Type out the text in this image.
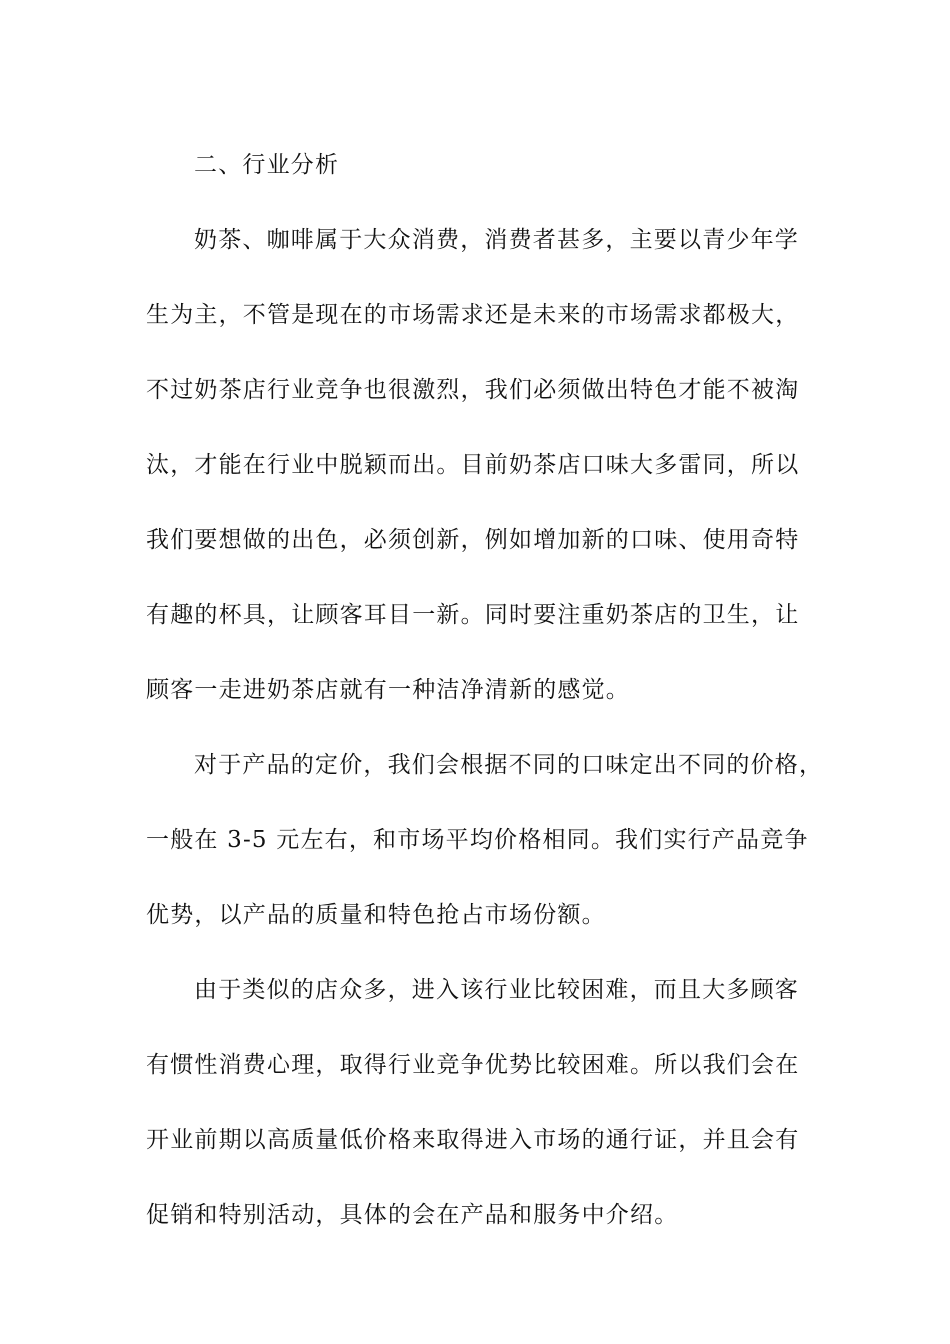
二、行业分析
奶茶、咖啡属于大众消费，消费者甚多，主要以青少年学
生为主，不管是现在的市场需求还是未来的市场需求都极大，
不过奶茶店行业竞争也很激烈，我们必须做出特色才能不被淘
汰，才能在行业中脱颖而出。目前奶茶店口味大多雷同，所以
我们要想做的出色，必须创新，例如增加新的口味、使用奇特
有趣的杯具，让顾客耳目一新。同时要注重奶茶店的卫生，让
顾客一走进奶茶店就有一种洁净清新的感觉。
对于产品的定价，我们会根据不同的口味定出不同的价格，
一般在 3-5 元左右，和市场平均价格相同。我们实行产品竞争
优势，以产品的质量和特色抢占市场份额。
由于类似的店众多，进入该行业比较困难，而且大多顾客
有惯性消费心理，取得行业竞争优势比较困难。所以我们会在
开业前期以高质量低价格来取得进入市场的通行证，并且会有
促销和特别活动，具体的会在产品和服务中介绍。
